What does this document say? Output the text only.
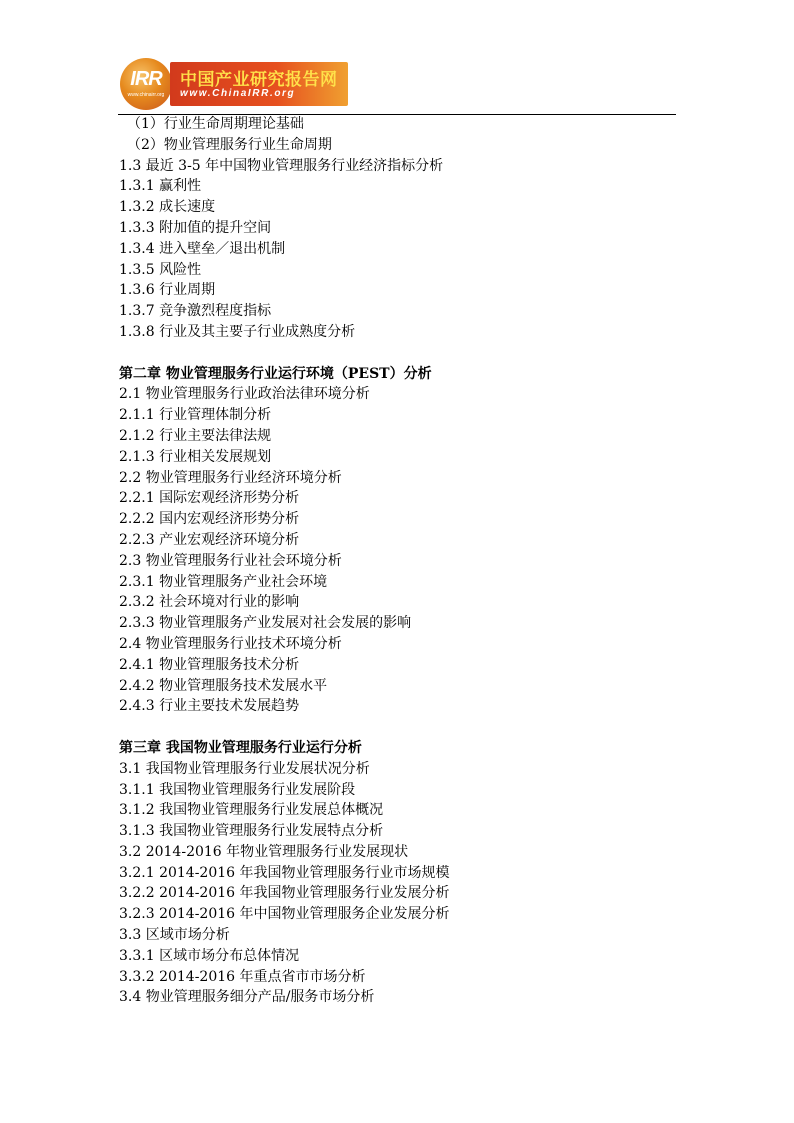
IRR
www.chinairr.org
中国产业研究报告网
www.ChinaIRR.org
（1）行业生命周期理论基础
（2）物业管理服务行业生命周期
1.3 最近 3-5 年中国物业管理服务行业经济指标分析
1.3.1 赢利性
1.3.2 成长速度
1.3.3 附加值的提升空间
1.3.4 进入壁垒／退出机制
1.3.5 风险性
1.3.6 行业周期
1.3.7 竞争激烈程度指标
1.3.8 行业及其主要子行业成熟度分析
第二章 物业管理服务行业运行环境（PEST）分析
2.1 物业管理服务行业政治法律环境分析
2.1.1 行业管理体制分析
2.1.2 行业主要法律法规
2.1.3 行业相关发展规划
2.2 物业管理服务行业经济环境分析
2.2.1 国际宏观经济形势分析
2.2.2 国内宏观经济形势分析
2.2.3 产业宏观经济环境分析
2.3 物业管理服务行业社会环境分析
2.3.1 物业管理服务产业社会环境
2.3.2 社会环境对行业的影响
2.3.3 物业管理服务产业发展对社会发展的影响
2.4 物业管理服务行业技术环境分析
2.4.1 物业管理服务技术分析
2.4.2 物业管理服务技术发展水平
2.4.3 行业主要技术发展趋势
第三章 我国物业管理服务行业运行分析
3.1 我国物业管理服务行业发展状况分析
3.1.1 我国物业管理服务行业发展阶段
3.1.2 我国物业管理服务行业发展总体概况
3.1.3 我国物业管理服务行业发展特点分析
3.2 2014-2016 年物业管理服务行业发展现状
3.2.1 2014-2016 年我国物业管理服务行业市场规模
3.2.2 2014-2016 年我国物业管理服务行业发展分析
3.2.3 2014-2016 年中国物业管理服务企业发展分析
3.3 区域市场分析
3.3.1 区域市场分布总体情况
3.3.2 2014-2016 年重点省市市场分析
3.4 物业管理服务细分产品/服务市场分析
